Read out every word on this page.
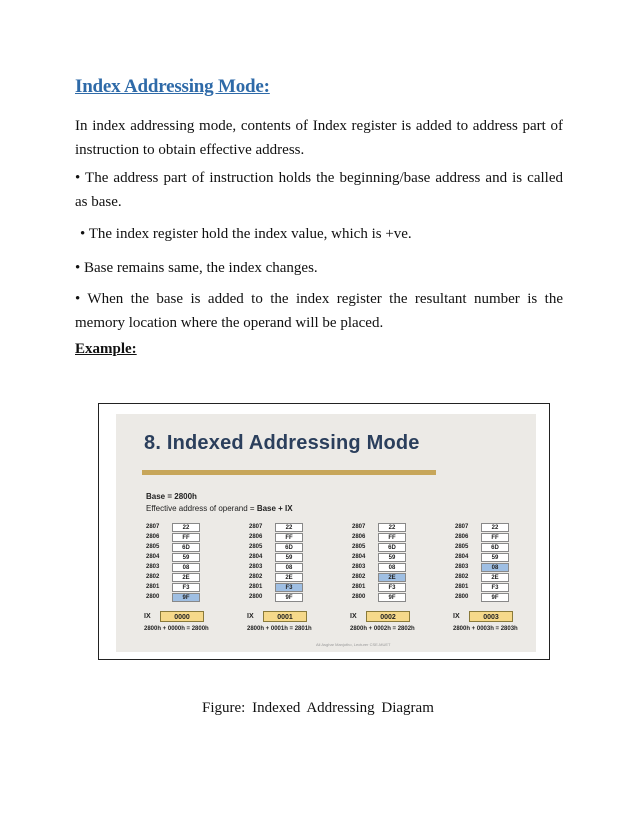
Index Addressing Mode:
In index addressing mode, contents of Index register is added to address part of instruction to obtain effective address.
• The address part of instruction holds the beginning/base address and is called as base.
• The index register hold the index value, which is +ve.
• Base remains same, the index changes.
• When the base is added to the index register the resultant number is the memory location where the operand will be placed.
Example:
8. Indexed Addressing Mode
Base = 2800h
Effective address of operand = Base + IX
Ali Asghar Manjotho, Lecturer CSE-MUET
2807	22
2806	FF
2805	6D
2804	59
2803	08
2802	2E
2801	F3
2800	9F
IX	0000
2800h + 0000h = 2800h
2807	22
2806	FF
2805	6D
2804	59
2803	08
2802	2E
2801	F3
2800	9F
IX	0001
2800h + 0001h = 2801h
2807	22
2806	FF
2805	6D
2804	59
2803	08
2802	2E
2801	F3
2800	9F
IX	0002
2800h + 0002h = 2802h
2807	22
2806	FF
2805	6D
2804	59
2803	08
2802	2E
2801	F3
2800	9F
IX	0003
2800h + 0003h = 2803h
Figure: Indexed Addressing Diagram
